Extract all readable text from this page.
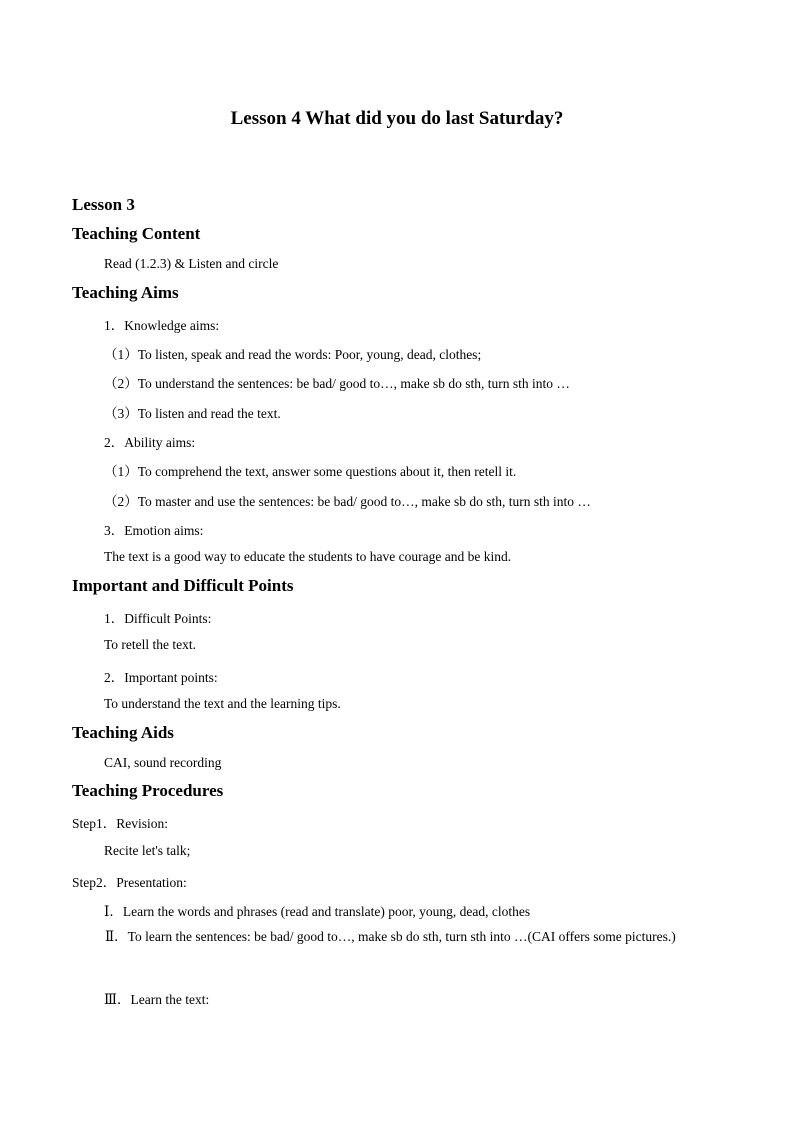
Lesson 4 What did you do last Saturday?
Lesson 3
Teaching Content
Read (1.2.3) & Listen and circle
Teaching Aims
1．Knowledge aims:
（1）To listen, speak and read the words: Poor, young, dead, clothes;
（2）To understand the sentences: be bad/ good to…, make sb do sth, turn sth into …
（3）To listen and read the text.
2．Ability aims:
（1）To comprehend the text, answer some questions about it, then retell it.
（2）To master and use the sentences: be bad/ good to…, make sb do sth, turn sth into …
3．Emotion aims:
The text is a good way to educate the students to have courage and be kind.
Important and Difficult Points
1．Difficult Points:
To retell the text.
2．Important points:
To understand the text and the learning tips.
Teaching Aids
CAI, sound recording
Teaching Procedures
Step1．Revision:
Recite let's talk;
Step2．Presentation:
Ⅰ．Learn the words and phrases (read and translate) poor, young, dead, clothes
Ⅱ．To learn the sentences: be bad/ good to…, make sb do sth, turn sth into …(CAI offers some pictures.)
Ⅲ．Learn the text:
